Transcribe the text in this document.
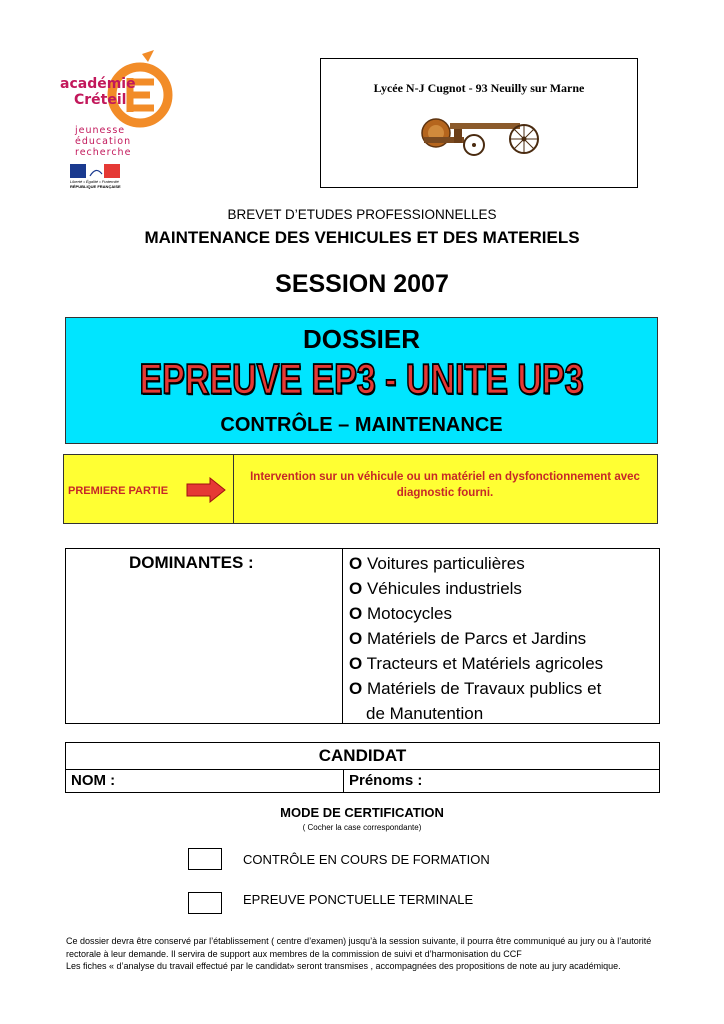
académie
Créteil
jeunesse
éducation
recherche
Liberté • Égalité • Fraternité
RÉPUBLIQUE FRANÇAISE
Lycée N-J Cugnot - 93 Neuilly sur Marne
BREVET D’ETUDES PROFESSIONNELLES
MAINTENANCE DES VEHICULES ET DES MATERIELS
SESSION 2007
DOSSIER
EPREUVE EP3 - UNITE UP3
CONTRÔLE – MAINTENANCE
PREMIERE PARTIE
Intervention sur un véhicule ou un matériel en dysfonctionnement avec diagnostic fourni.
DOMINANTES :	O Voitures particulières
O Véhicules industriels
O Motocycles
O Matériels de Parcs et Jardins
O Tracteurs et Matériels agricoles
O Matériels de Travaux publics et
de Manutention
CANDIDAT
NOM :	Prénoms :
MODE DE CERTIFICATION
( Cocher la case correspondante)
CONTRÔLE EN COURS DE FORMATION
EPREUVE PONCTUELLE TERMINALE
Ce dossier devra être conservé par l’établissement ( centre d’examen) jusqu’à la session suivante, il pourra être communiqué au jury ou à l’autorité
rectorale à leur demande. Il servira de support aux membres de la commission de suivi et d’harmonisation du CCF
Les fiches « d’analyse du travail effectué par le candidat» seront transmises , accompagnées des propositions de note au jury académique.
